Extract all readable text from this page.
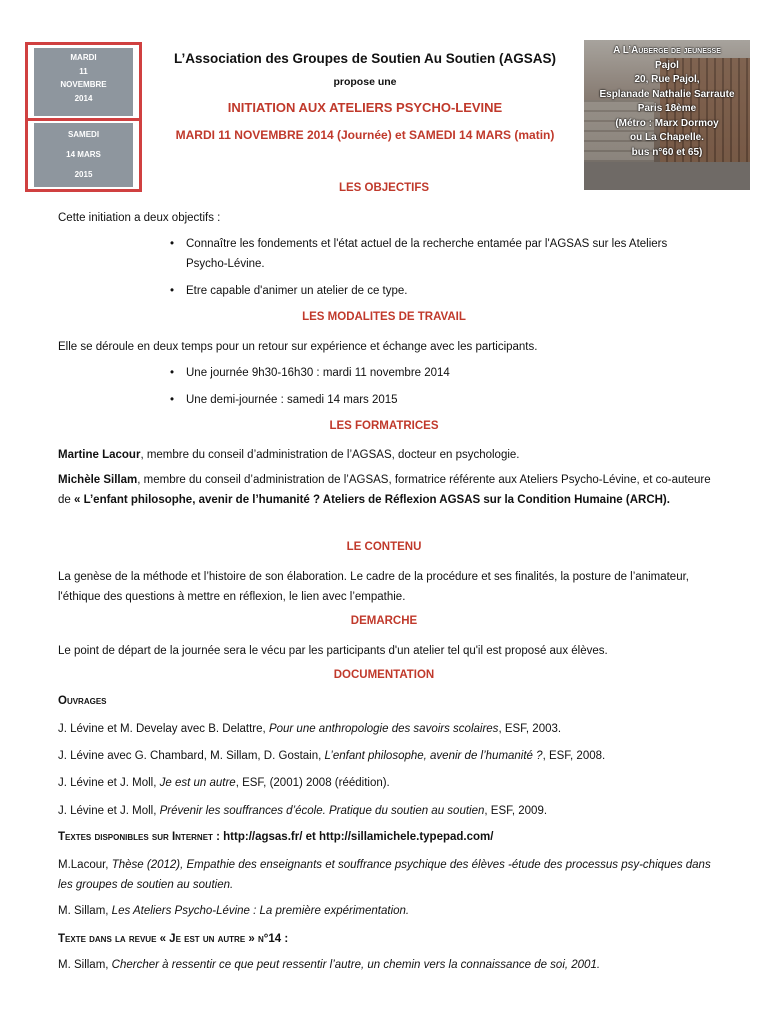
MARDI
11
NOVEMBRE
2014
SAMEDI
14 MARS
2015
A L’Auberge de jeunesse
Pajol
20, Rue Pajol,
Esplanade Nathalie Sarraute
Paris 18ème
(Métro : Marx Dormoy
ou La Chapelle.
bus n°60 et 65)
L’Association des Groupes de Soutien Au Soutien (AGSAS)
propose une
INITIATION AUX ATELIERS PSYCHO-LEVINE
MARDI 11 NOVEMBRE 2014 (Journée) et SAMEDI 14 MARS (matin)
LES OBJECTIFS
Cette initiation a deux objectifs :
• Connaître les fondements et l'état actuel de la recherche entamée par l'AGSAS sur les Ateliers Psycho-Lévine.
• Etre capable d'animer un atelier de ce type.
LES MODALITES DE TRAVAIL
Elle se déroule en deux temps pour un retour sur expérience et échange avec les participants.
• Une journée 9h30-16h30 : mardi 11 novembre 2014
• Une demi-journée : samedi 14 mars 2015
LES FORMATRICES
Martine Lacour, membre du conseil d’administration de l’AGSAS, docteur en psychologie.
Michèle Sillam, membre du conseil d’administration de l’AGSAS, formatrice référente aux Ateliers Psycho-Lévine, et co-auteure de « L’enfant philosophe, avenir de l’humanité ? Ateliers de Réflexion AGSAS sur la Condition Humaine (ARCH).
LE CONTENU
La genèse de la méthode et l’histoire de son élaboration. Le cadre de la procédure et ses finalités, la posture de l’animateur, l'éthique des questions à mettre en réflexion, le lien avec l’empathie.
DEMARCHE
Le point de départ de la journée sera le vécu par les participants d'un atelier tel qu'il est proposé aux élèves.
DOCUMENTATION
Ouvrages
J. Lévine et M. Develay avec B. Delattre, Pour une anthropologie des savoirs scolaires, ESF, 2003.
J. Lévine avec G. Chambard, M. Sillam, D. Gostain, L’enfant philosophe, avenir de l’humanité ?, ESF, 2008.
J. Lévine et J. Moll, Je est un autre, ESF, (2001) 2008 (réédition).
J. Lévine et J. Moll, Prévenir les souffrances d’école. Pratique du soutien au soutien, ESF, 2009.
Textes disponibles sur Internet : http://agsas.fr/ et http://sillamichele.typepad.com/
M.Lacour, Thèse (2012), Empathie des enseignants et souffrance psychique des élèves -étude des processus psy-chiques dans les groupes de soutien au soutien.
M. Sillam, Les Ateliers Psycho-Lévine : La première expérimentation.
Texte dans la revue « Je est un autre » n°14 :
M. Sillam, Chercher à ressentir ce que peut ressentir l’autre, un chemin vers la connaissance de soi, 2001.
